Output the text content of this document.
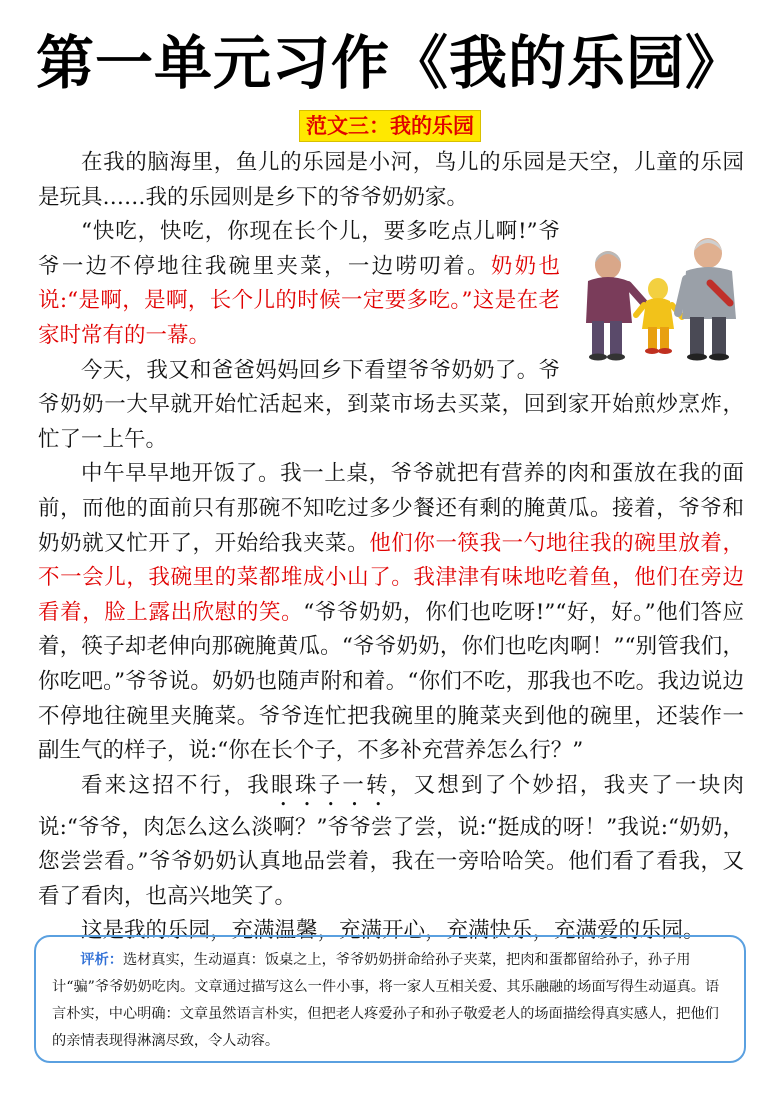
第一单元习作《我的乐园》
范文三：我的乐园

在我的脑海里，鱼儿的乐园是小河，鸟儿的乐园是天空，儿童的乐园是玩具……我的乐园则是乡下的爷爷奶奶家。

“快吃，快吃，你现在长个儿，要多吃点儿啊!”爷爷一边不停地往我碗里夹菜，一边唠叨着。奶奶也说:“是啊，是啊，长个儿的时候一定要多吃。”这是在老家时常有的一幕。

今天，我又和爸爸妈妈回乡下看望爷爷奶奶了。爷爷奶奶一大早就开始忙活起来，到菜市场去买菜，回到家开始煎炒烹炸，忙了一上午。

中午早早地开饭了。我一上桌，爷爷就把有营养的肉和蛋放在我的面前，而他的面前只有那碗不知吃过多少餐还有剩的腌黄瓜。接着，爷爷和奶奶就又忙开了，开始给我夹菜。他们你一筷我一勺地往我的碗里放着，不一会儿，我碗里的菜都堆成小山了。我津津有味地吃着鱼，他们在旁边看着，脸上露出欣慰的笑。“爷爷奶奶，你们也吃呀!”“好，好。”他们答应着，筷子却老伸向那碗腌黄瓜。“爷爷奶奶，你们也吃肉啊！”“别管我们，你吃吧。”爷爷说。奶奶也随声附和着。“你们不吃，那我也不吃。我边说边不停地往碗里夹腌菜。爷爷连忙把我碗里的腌菜夹到他的碗里，还装作一副生气的样子，说:“你在长个子，不多补充营养怎么行？”

看来这招不行，我眼珠子一转，又想到了个妙招，我夹了一块肉说:“爷爷，肉怎么这么淡啊？”爷爷尝了尝，说:“挺成的呀！”我说:“奶奶，您尝尝看。”爷爷奶奶认真地品尝着，我在一旁哈哈笑。他们看了看我，又看了看肉，也高兴地笑了。

这是我的乐园，充满温馨，充满开心，充满快乐，充满爱的乐园。

评析：选材真实，生动逼真：饭桌之上，爷爷奶奶拼命给孙子夹菜，把肉和蛋都留给孙子，孙子用计“骗”爷爷奶奶吃肉。文章通过描写这么一件小事，将一家人互相关爱、其乐融融的场面写得生动逼真。语言朴实，中心明确：文章虽然语言朴实，但把老人疼爱孙子和孙子敬爱老人的场面描绘得真实感人，把他们的亲情表现得淋漓尽致，令人动容。
